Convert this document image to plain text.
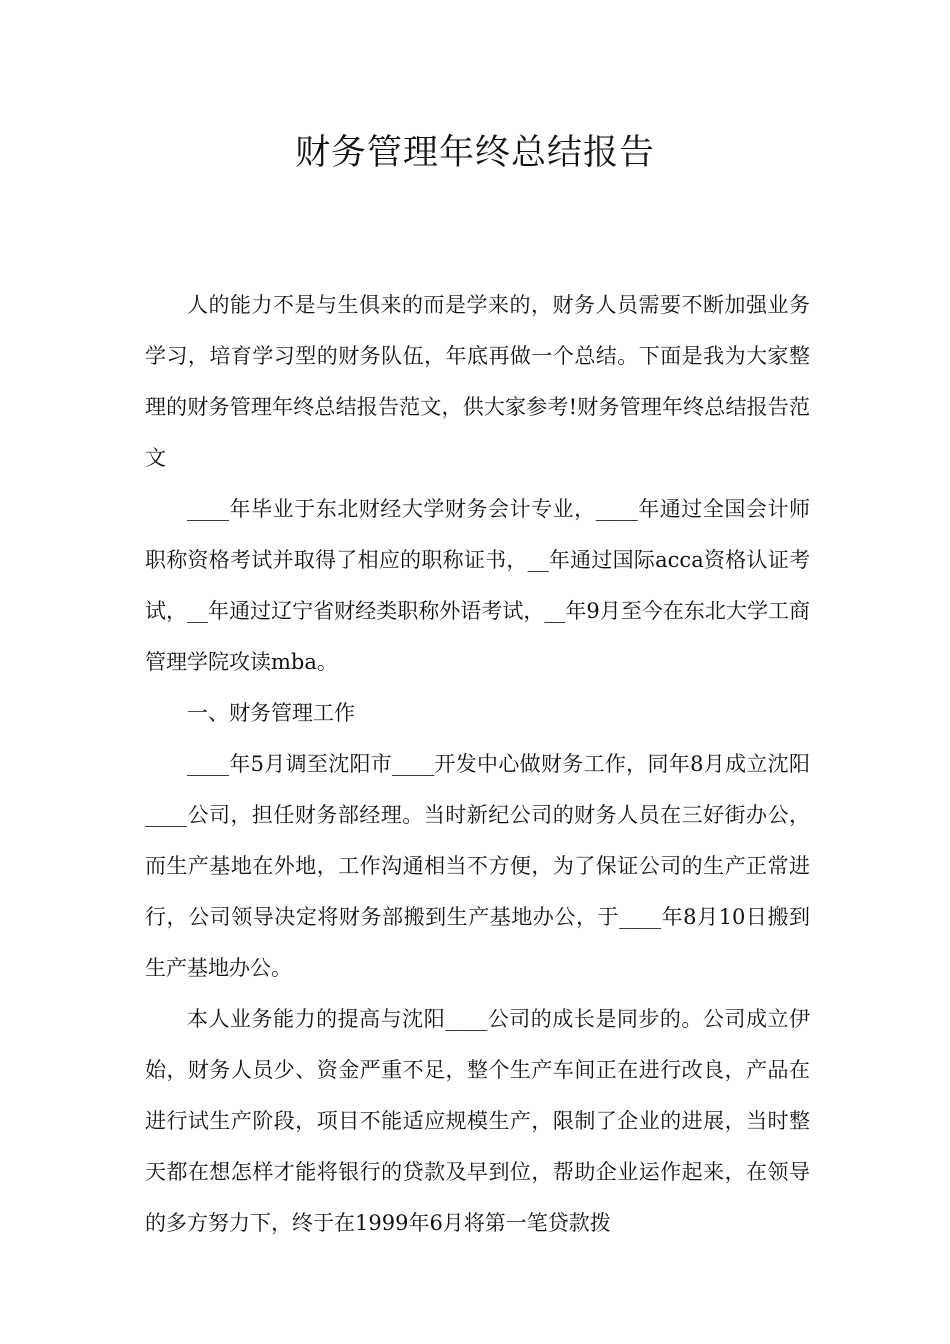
财务管理年终总结报告

人的能力不是与生俱来的而是学来的，财务人员需要不断加强业务学习，培育学习型的财务队伍，年底再做一个总结。下面是我为大家整理的财务管理年终总结报告范文，供大家参考!财务管理年终总结报告范文

____年毕业于东北财经大学财务会计专业，____年通过全国会计师职称资格考试并取得了相应的职称证书，__年通过国际acca资格认证考试，__年通过辽宁省财经类职称外语考试，__年9月至今在东北大学工商管理学院攻读mba。

一、财务管理工作

____年5月调至沈阳市____开发中心做财务工作，同年8月成立沈阳____公司，担任财务部经理。当时新纪公司的财务人员在三好街办公，而生产基地在外地，工作沟通相当不方便，为了保证公司的生产正常进行，公司领导决定将财务部搬到生产基地办公，于____年8月10日搬到生产基地办公。

本人业务能力的提高与沈阳____公司的成长是同步的。公司成立伊始，财务人员少、资金严重不足，整个生产车间正在进行改良，产品在进行试生产阶段，项目不能适应规模生产，限制了企业的进展，当时整天都在想怎样才能将银行的贷款及早到位，帮助企业运作起来，在领导的多方努力下，终于在1999年6月将第一笔贷款拨
